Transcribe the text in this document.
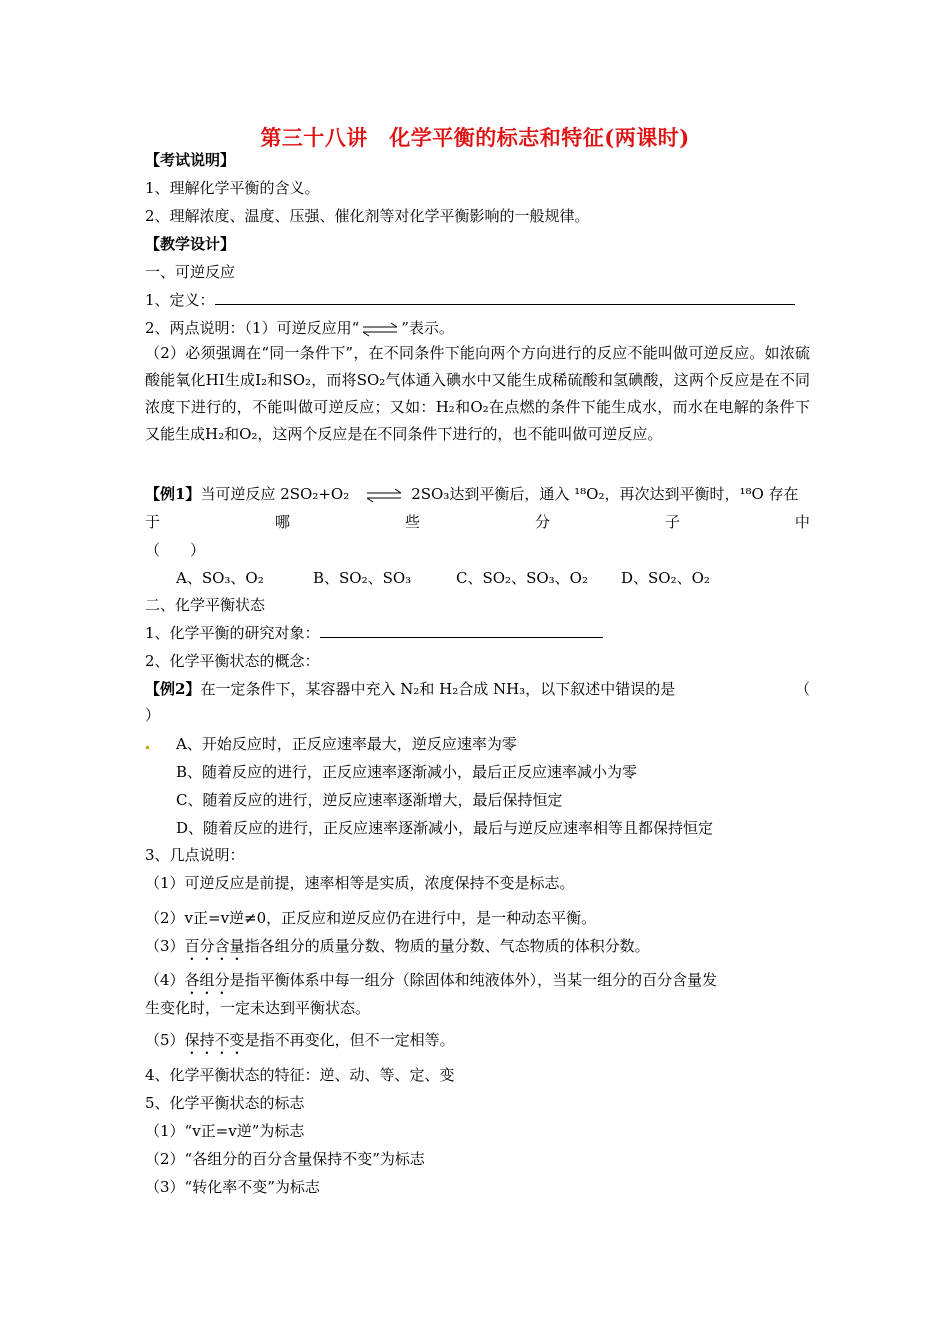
第三十八讲　化学平衡的标志和特征(两课时)
【考试说明】
1、理解化学平衡的含义。
2、理解浓度、温度、压强、催化剂等对化学平衡影响的一般规律。
【教学设计】
一、可逆反应
1、定义：
2、两点说明：（1）可逆反应用“⇌”表示。
（2）必须强调在“同一条件下”，在不同条件下能向两个方向进行的反应不能叫做可逆反应。如浓硫酸能氧化HI生成I₂和SO₂，而将SO₂气体通入碘水中又能生成稀硫酸和氢碘酸，这两个反应是在不同浓度下进行的，不能叫做可逆反应；又如：H₂和O₂在点燃的条件下能生成水，而水在电解的条件下又能生成H₂和O₂，这两个反应是在不同条件下进行的，也不能叫做可逆反应。
【例1】当可逆反应 2SO₂+O₂ ⇌ 2SO₃达到平衡后，通入 ¹⁸O₂，再次达到平衡时，¹⁸O 存在
于	哪	些	分	子	中
（　　）
A、SO₃、O₂	B、SO₂、SO₃	C、SO₂、SO₃、O₂ D、SO₂、O₂
二、化学平衡状态
1、化学平衡的研究对象：
2、化学平衡状态的概念：
【例2】在一定条件下，某容器中充入 N₂和 H₂合成 NH₃，以下叙述中错误的是	（
）
A、开始反应时，正反应速率最大，逆反应速率为零
B、随着反应的进行，正反应速率逐渐减小，最后正反应速率减小为零
C、随着反应的进行，逆反应速率逐渐增大，最后保持恒定
D、随着反应的进行，正反应速率逐渐减小，最后与逆反应速率相等且都保持恒定
3、几点说明：
（1）可逆反应是前提，速率相等是实质，浓度保持不变是标志。
（2）v正=v逆≠0，正反应和逆反应仍在进行中，是一种动态平衡。
（3）百分含量指各组分的质量分数、物质的量分数、气态物质的体积分数。
（4）各组分是指平衡体系中每一组分（除固体和纯液体外），当某一组分的百分含量发
生变化时，一定未达到平衡状态。
（5）保持不变是指不再变化，但不一定相等。
4、化学平衡状态的特征：逆、动、等、定、变
5、化学平衡状态的标志
（1）“v正=v逆”为标志
（2）“各组分的百分含量保持不变”为标志
（3）“转化率不变”为标志
